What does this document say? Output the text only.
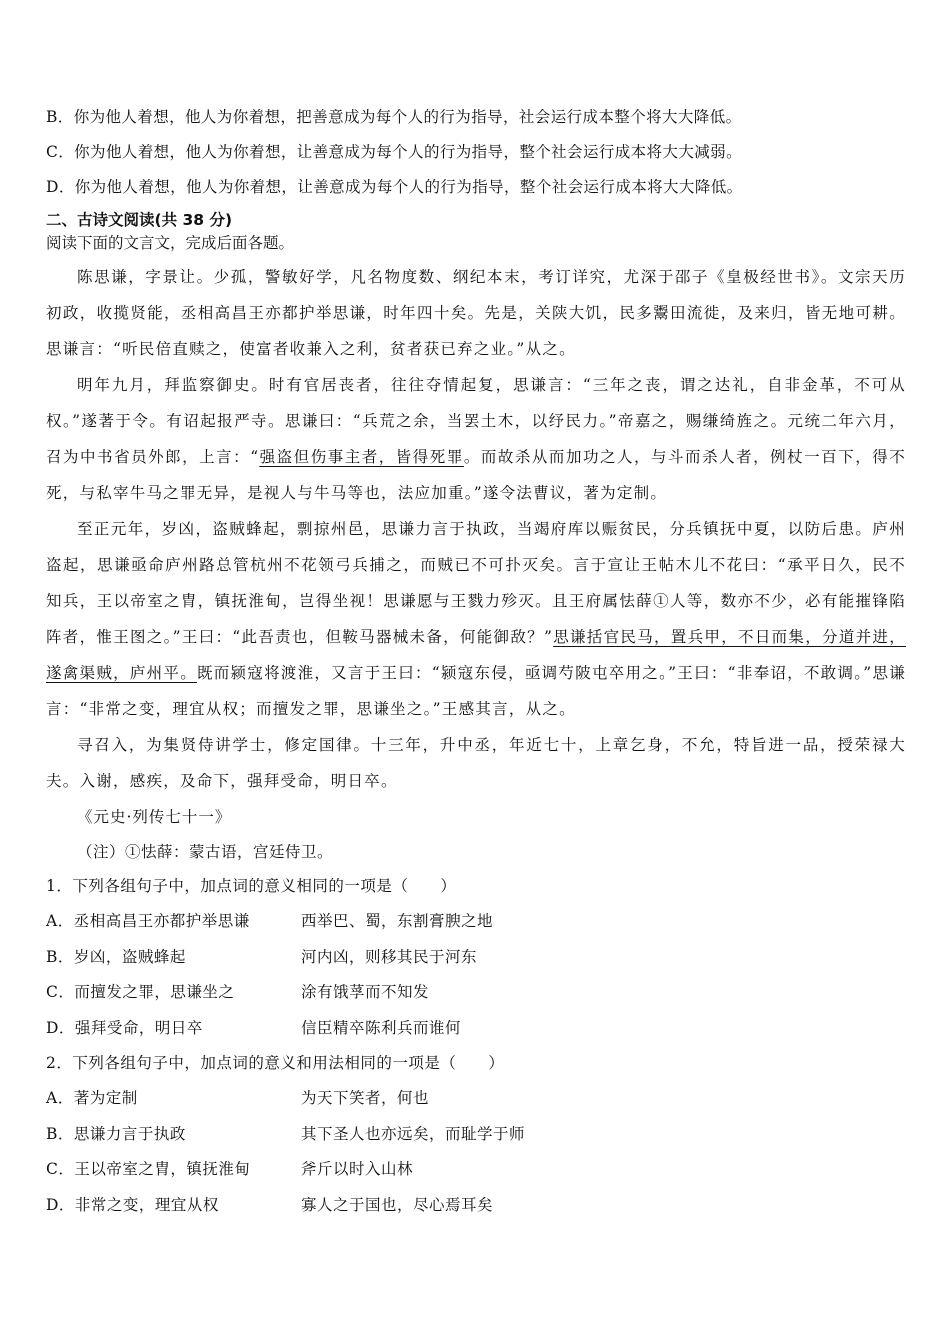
B．你为他人着想，他人为你着想，把善意成为每个人的行为指导，社会运行成本整个将大大降低。
C．你为他人着想，他人为你着想，让善意成为每个人的行为指导，整个社会运行成本将大大减弱。
D．你为他人着想，他人为你着想，让善意成为每个人的行为指导，整个社会运行成本将大大降低。
二、古诗文阅读(共 38 分)
阅读下面的文言文，完成后面各题。

陈思谦，字景让。少孤，警敏好学，凡名物度数、纲纪本末，考订详究，尤深于邵子《皇极经世书》。文宗天历初政，收揽贤能，丞相高昌王亦都护举思谦，时年四十矣。先是，关陕大饥，民多鬻田流徙，及来归，皆无地可耕。思谦言：“听民倍直赎之，使富者收兼入之利，贫者获已弃之业。”从之。

明年九月，拜监察御史。时有官居丧者，往往夺情起复，思谦言：“三年之丧，谓之达礼，自非金革，不可从权。”遂著于令。有诏起报严寺。思谦曰：“兵荒之余，当罢土木，以纾民力。”帝嘉之，赐缣绮旌之。元统二年六月，召为中书省员外郎，上言：“强盗但伤事主者，皆得死罪。而故杀从而加功之人，与斗而杀人者，例杖一百下，得不死，与私宰牛马之罪无异，是视人与牛马等也，法应加重。”遂令法曹议，著为定制。

至正元年，岁凶，盗贼蜂起，剽掠州邑，思谦力言于执政，当竭府库以赈贫民，分兵镇抚中夏，以防后患。庐州盗起，思谦亟命庐州路总管杭州不花领弓兵捕之，而贼已不可扑灭矣。言于宣让王帖木儿不花曰：“承平日久，民不知兵，王以帝室之胄，镇抚淮甸，岂得坐视！思谦愿与王戮力殄灭。且王府属怯薛①人等，数亦不少，必有能摧锋陷阵者，惟王图之。”王曰：“此吾责也，但鞍马器械未备，何能御敌？”思谦括官民马，置兵甲，不日而集，分道并进，遂禽渠贼，庐州平。既而颍寇将渡淮，又言于王曰：“颍寇东侵，亟调芍陂屯卒用之。”王曰：“非奉诏，不敢调。”思谦言：“非常之变，理宜从权；而擅发之罪，思谦坐之。”王感其言，从之。

寻召入，为集贤侍讲学士，修定国律。十三年，升中丞，年近七十，上章乞身，不允，特旨进一品，授荣禄大夫。入谢，感疾，及命下，强拜受命，明日卒。

《元史·列传七十一》
（注）①怯薛：蒙古语，宫廷侍卫。
1．下列各组句子中，加点词的意义相同的一项是（　　）
A．丞相高昌王亦都护举思谦	西举巴、蜀，东割膏腴之地
B．岁凶，盗贼蜂起	河内凶，则移其民于河东
C．而擅发之罪，思谦坐之	涂有饿莩而不知发
D．强拜受命，明日卒	信臣精卒陈利兵而谁何
2．下列各组句子中，加点词的意义和用法相同的一项是（　　）
A．著为定制	为天下笑者，何也
B．思谦力言于执政	其下圣人也亦远矣，而耻学于师
C．王以帝室之胄，镇抚淮甸	斧斤以时入山林
D．非常之变，理宜从权	寡人之于国也，尽心焉耳矣
